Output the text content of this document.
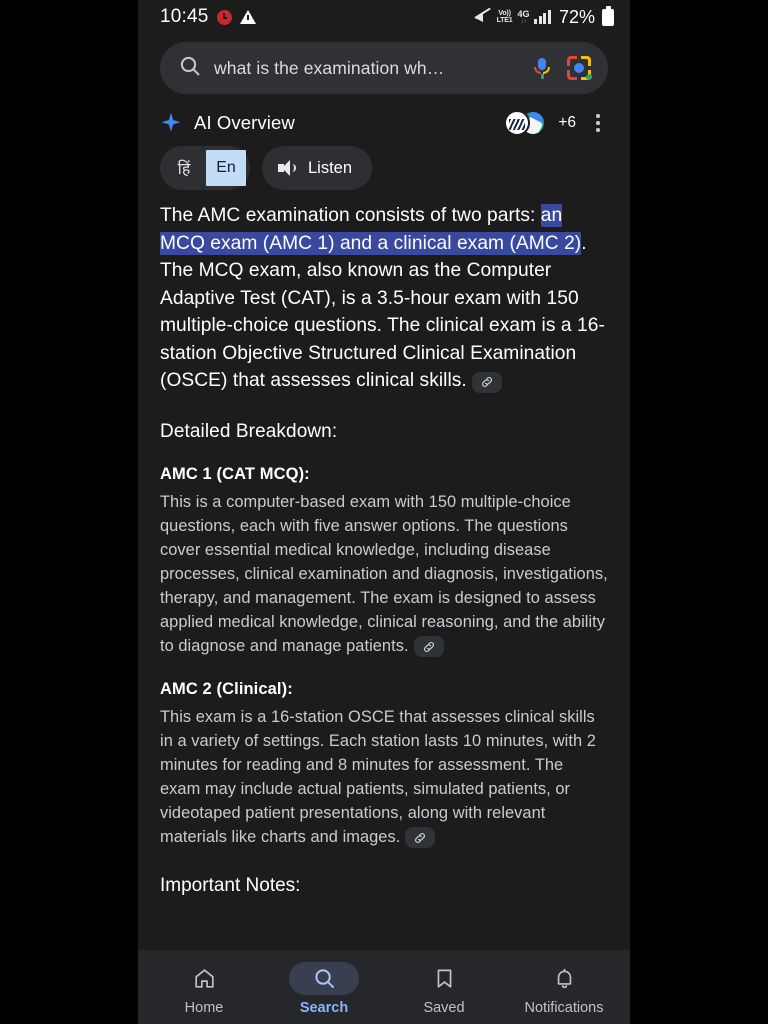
10:45	Vo))
LTE1
4G
↓↑ 72%
what is the examination wh…
AI Overview	+6
हिं	En	Listen

The AMC examination consists of two parts: an MCQ exam (AMC 1) and a clinical exam (AMC 2). The MCQ exam, also known as the Computer Adaptive Test (CAT), is a 3.5-hour exam with 150 multiple-choice questions. The clinical exam is a 16-station Objective Structured Clinical Examination (OSCE) that assesses clinical skills.

Detailed Breakdown:
AMC 1 (CAT MCQ):

This is a computer-based exam with 150 multiple-choice questions, each with five answer options. The questions cover essential medical knowledge, including disease processes, clinical examination and diagnosis, investigations, therapy, and management. The exam is designed to assess applied medical knowledge, clinical reasoning, and the ability to diagnose and manage patients.

AMC 2 (Clinical):

This exam is a 16-station OSCE that assesses clinical skills in a variety of settings. Each station lasts 10 minutes, with 2 minutes for reading and 8 minutes for assessment. The exam may include actual patients, simulated patients, or videotaped patient presentations, along with relevant materials like charts and images.

Important Notes:
Home	Search	Saved	Notifications
